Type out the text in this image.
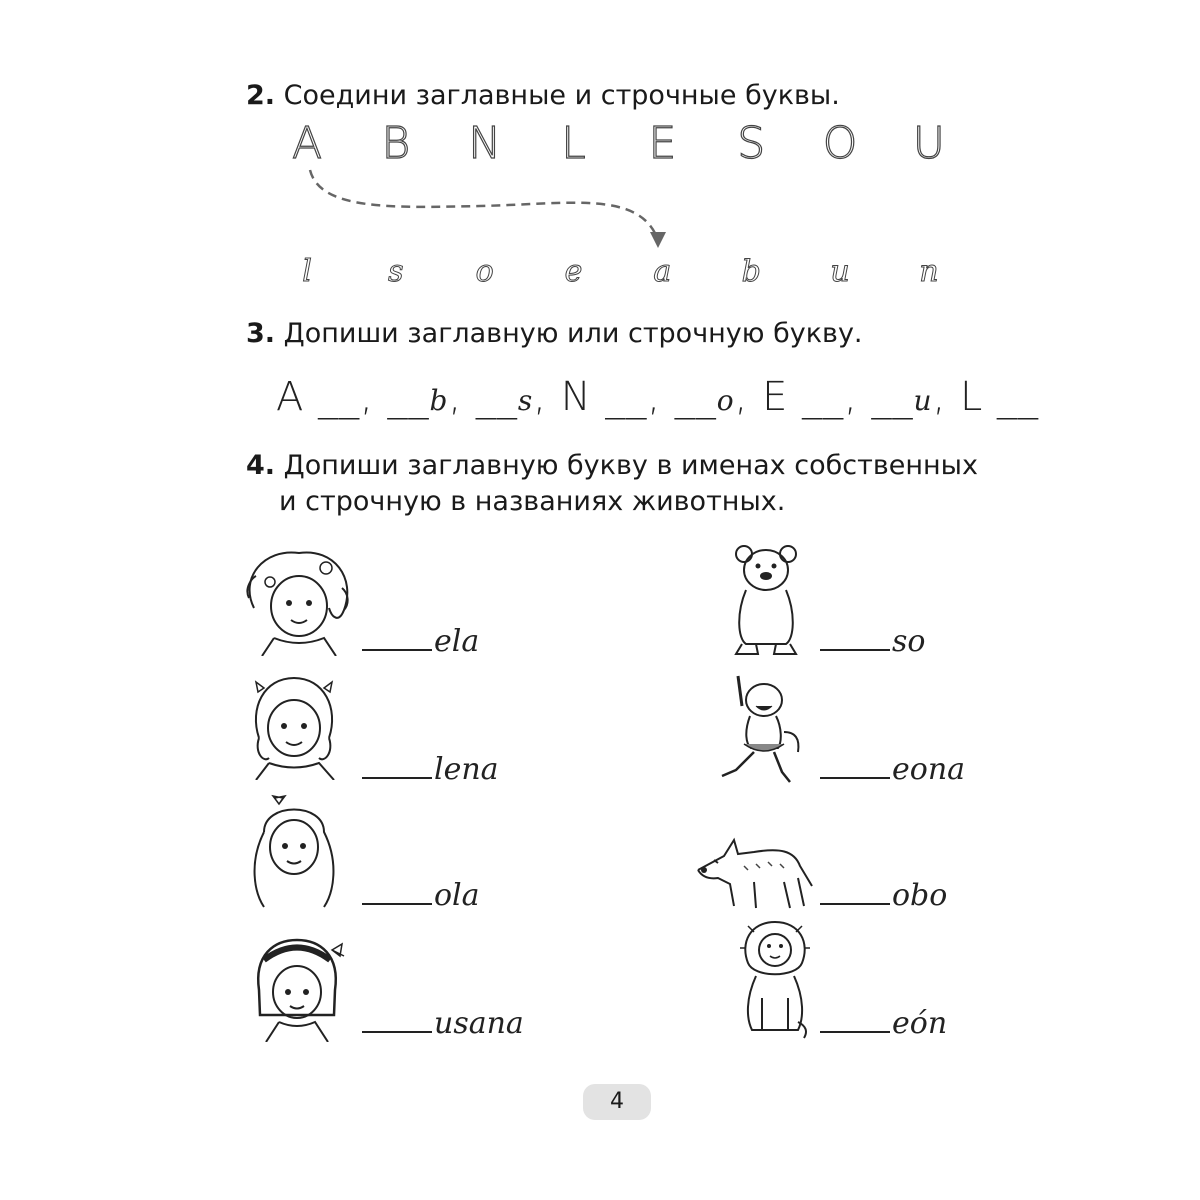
2. Соедини заглавные и строчные буквы.
A	B	N	L	E	S	O	U
l	s	o	e	a	b	u	n
3. Допиши заглавную или строчную букву.
A __, __b, __s, N __, __o, E __, __u, L __
4. Допиши заглавную букву в именах собственных
и строчную в названиях животных.
ela
lena
ola
usana
so
eona
obo
eón
4
